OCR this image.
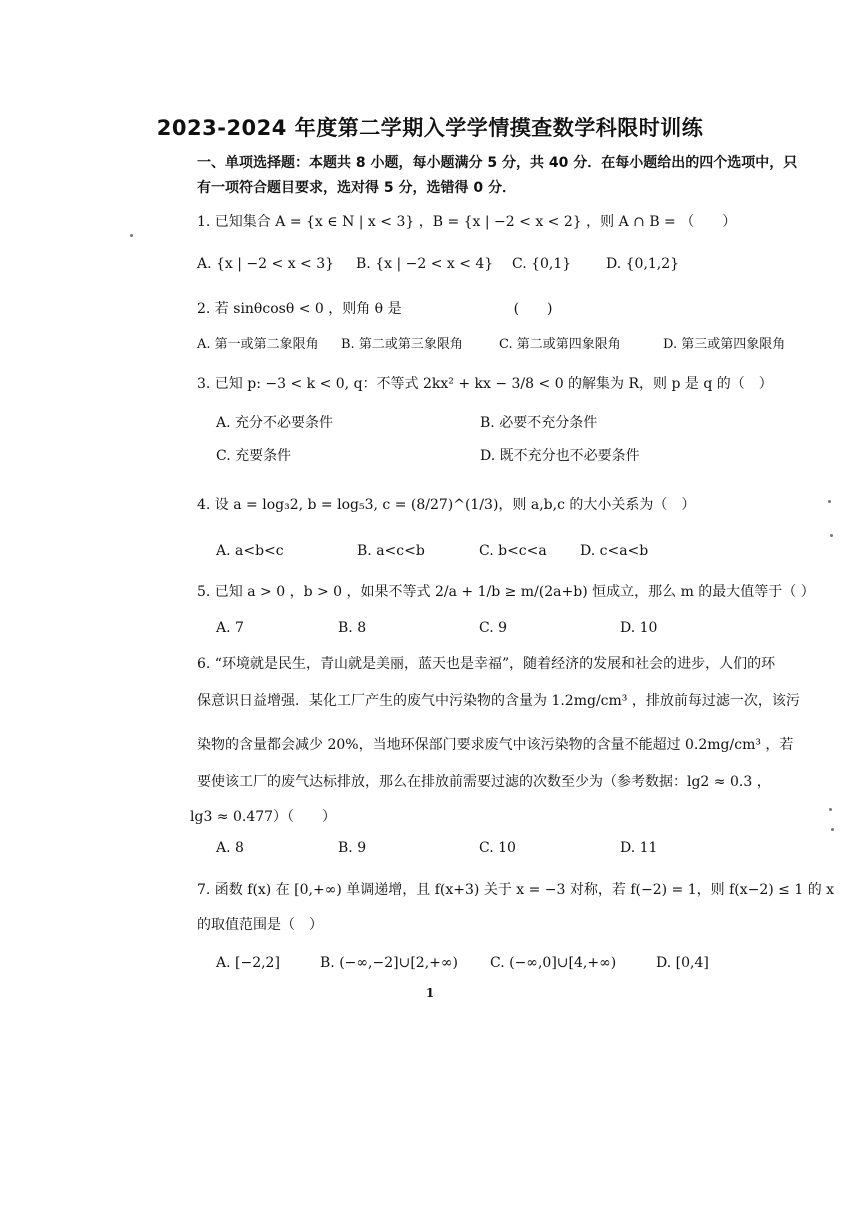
2023-2024 年度第二学期入学学情摸查数学科限时训练
一、单项选择题：本题共 8 小题，每小题满分 5 分，共 40 分．在每小题给出的四个选项中，只
有一项符合题目要求，选对得 5 分，选错得 0 分．
1. 已知集合 A = {x ∈ N | x < 3} ，B = {x | −2 < x < 2} ，则 A ∩ B = （　　）
A. {x | −2 < x < 3} B. {x | −2 < x < 4} C. {0,1} D. {0,1,2}
2. 若 sinθcosθ < 0 ，则角 θ 是　　　　　　　　(　　)
A. 第一或第二象限角 B. 第二或第三象限角	C. 第二或第四象限角	D. 第三或第四象限角
3. 已知 p: −3 < k < 0, q：不等式 2kx² + kx − 3/8 < 0 的解集为 R，则 p 是 q 的（　）
A. 充分不必要条件	B. 必要不充分条件
C. 充要条件	D. 既不充分也不必要条件
4. 设 a = log₃2, b = log₅3, c = (8/27)^(1/3)，则 a,b,c 的大小关系为（　）
A. a<b<c	B. a<c<b	C. b<c<a D. c<a<b
5. 已知 a > 0 ，b > 0 ，如果不等式 2/a + 1/b ≥ m/(2a+b) 恒成立，那么 m 的最大值等于（ ）
A. 7	B. 8	C. 9	D. 10
6. “环境就是民生，青山就是美丽，蓝天也是幸福”，随着经济的发展和社会的进步，人们的环
保意识日益增强．某化工厂产生的废气中污染物的含量为 1.2mg/cm³ ，排放前每过滤一次，该污
染物的含量都会减少 20%，当地环保部门要求废气中该污染物的含量不能超过 0.2mg/cm³ ，若
要使该工厂的废气达标排放，那么在排放前需要过滤的次数至少为（参考数据：lg2 ≈ 0.3 ，
lg3 ≈ 0.477）（　　）
A. 8	B. 9	C. 10	D. 11
7. 函数 f(x) 在 [0,+∞) 单调递增，且 f(x+3) 关于 x = −3 对称，若 f(−2) = 1，则 f(x−2) ≤ 1 的 x
的取值范围是（　）
A. [−2,2]	B. (−∞,−2]∪[2,+∞) C. (−∞,0]∪[4,+∞)	D. [0,4]
1
